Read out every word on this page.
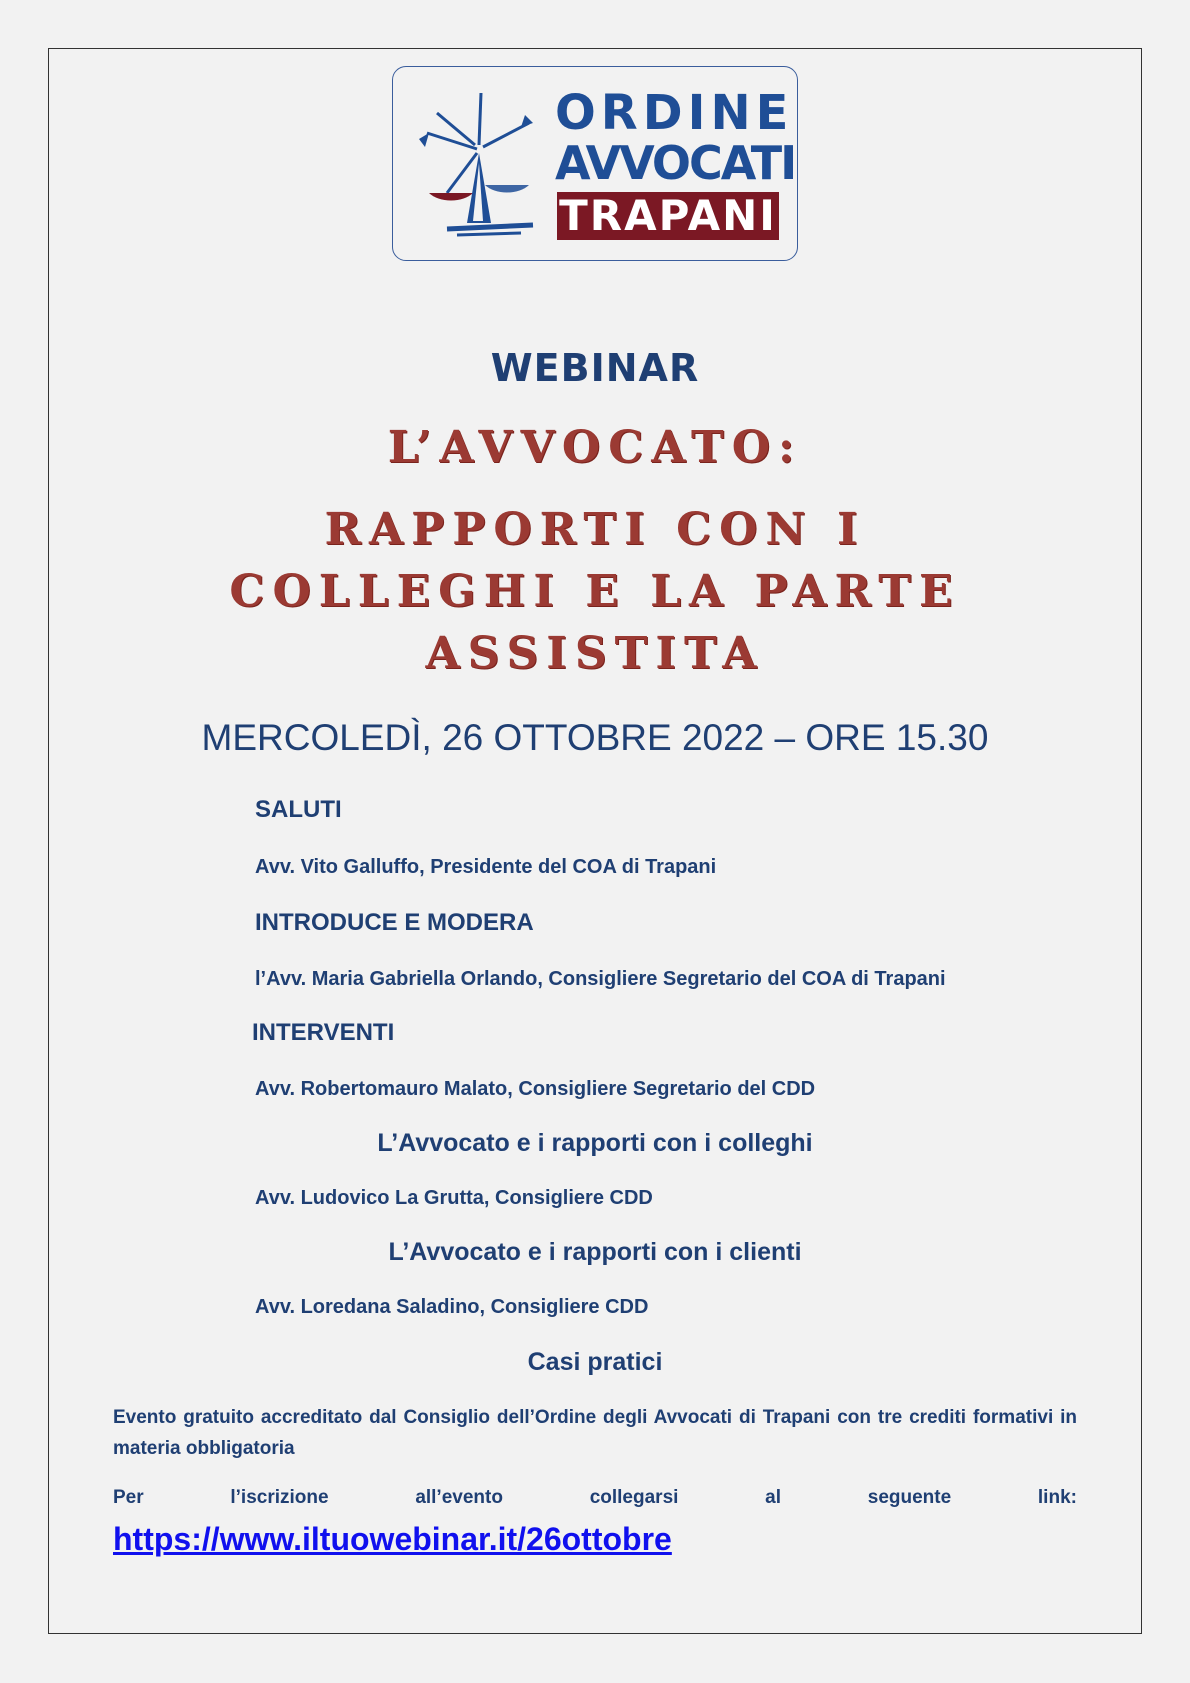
ORDINE
AVVOCATI
TRAPANI
WEBINAR
L’AVVOCATO:
RAPPORTI CON I
COLLEGHI E LA PARTE
ASSISTITA
MERCOLEDÌ, 26 OTTOBRE 2022 – ORE 15.30
SALUTI
Avv. Vito Galluffo, Presidente del COA di Trapani
INTRODUCE E MODERA
l’Avv. Maria Gabriella Orlando, Consigliere Segretario del COA di Trapani
INTERVENTI
Avv. Robertomauro Malato, Consigliere Segretario del CDD
L’Avvocato e i rapporti con i colleghi
Avv. Ludovico La Grutta, Consigliere CDD
L’Avvocato e i rapporti con i clienti
Avv. Loredana Saladino, Consigliere CDD
Casi pratici
Evento gratuito accreditato dal Consiglio dell’Ordine degli Avvocati di Trapani con tre crediti formativi in materia obbligatoria
Per	l’iscrizione	all’evento	collegarsi	al	seguente	link:
https://www.iltuowebinar.it/26ottobre
